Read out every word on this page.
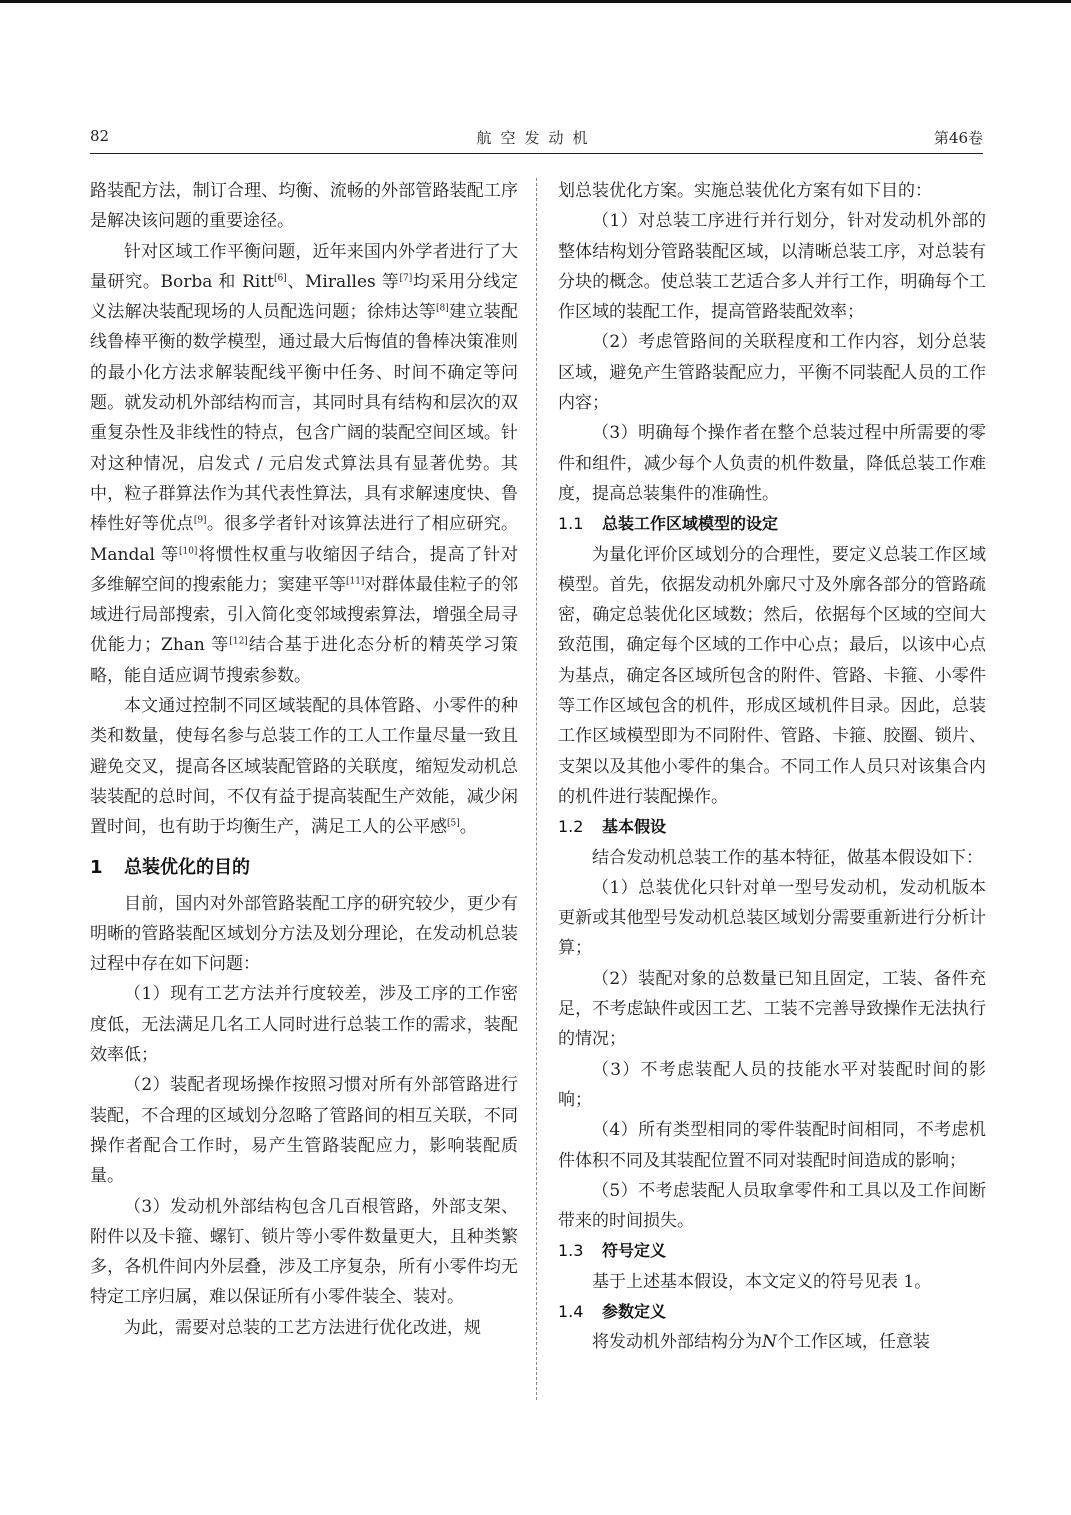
82	航空发动机	第46卷

路装配方法，制订合理、均衡、流畅的外部管路装配工序是解决该问题的重要途径。

针对区域工作平衡问题，近年来国内外学者进行了大量研究。Borba 和 Ritt[6]、Miralles 等[7]均采用分线定义法解决装配现场的人员配选问题；徐炜达等[8]建立装配线鲁棒平衡的数学模型，通过最大后悔值的鲁棒决策准则的最小化方法求解装配线平衡中任务、时间不确定等问题。就发动机外部结构而言，其同时具有结构和层次的双重复杂性及非线性的特点，包含广阔的装配空间区域。针对这种情况，启发式 / 元启发式算法具有显著优势。其中，粒子群算法作为其代表性算法，具有求解速度快、鲁棒性好等优点[9]。很多学者针对该算法进行了相应研究。Mandal 等[10]将惯性权重与收缩因子结合，提高了针对多维解空间的搜索能力；窦建平等[11]对群体最佳粒子的邻域进行局部搜索，引入简化变邻域搜索算法，增强全局寻优能力；Zhan 等[12]结合基于进化态分析的精英学习策略，能自适应调节搜索参数。

本文通过控制不同区域装配的具体管路、小零件的种类和数量，使每名参与总装工作的工人工作量尽量一致且避免交叉，提高各区域装配管路的关联度，缩短发动机总装装配的总时间，不仅有益于提高装配生产效能，减少闲置时间，也有助于均衡生产，满足工人的公平感[5]。

1 总装优化的目的

目前，国内对外部管路装配工序的研究较少，更少有明晰的管路装配区域划分方法及划分理论，在发动机总装过程中存在如下问题：

（1）现有工艺方法并行度较差，涉及工序的工作密度低，无法满足几名工人同时进行总装工作的需求，装配效率低；

（2）装配者现场操作按照习惯对所有外部管路进行装配，不合理的区域划分忽略了管路间的相互关联，不同操作者配合工作时，易产生管路装配应力，影响装配质量。

（3）发动机外部结构包含几百根管路，外部支架、附件以及卡箍、螺钉、锁片等小零件数量更大，且种类繁多，各机件间内外层叠，涉及工序复杂，所有小零件均无特定工序归属，难以保证所有小零件装全、装对。

为此，需要对总装的工艺方法进行优化改进，规

划总装优化方案。实施总装优化方案有如下目的：

（1）对总装工序进行并行划分，针对发动机外部的整体结构划分管路装配区域，以清晰总装工序，对总装有分块的概念。使总装工艺适合多人并行工作，明确每个工作区域的装配工作，提高管路装配效率；

（2）考虑管路间的关联程度和工作内容，划分总装区域，避免产生管路装配应力，平衡不同装配人员的工作内容；

（3）明确每个操作者在整个总装过程中所需要的零件和组件，减少每个人负责的机件数量，降低总装工作难度，提高总装集件的准确性。

1.1 总装工作区域模型的设定

为量化评价区域划分的合理性，要定义总装工作区域模型。首先，依据发动机外廓尺寸及外廓各部分的管路疏密，确定总装优化区域数；然后，依据每个区域的空间大致范围，确定每个区域的工作中心点；最后，以该中心点为基点，确定各区域所包含的附件、管路、卡箍、小零件等工作区域包含的机件，形成区域机件目录。因此，总装工作区域模型即为不同附件、管路、卡箍、胶圈、锁片、支架以及其他小零件的集合。不同工作人员只对该集合内的机件进行装配操作。

1.2 基本假设

结合发动机总装工作的基本特征，做基本假设如下：

（1）总装优化只针对单一型号发动机，发动机版本更新或其他型号发动机总装区域划分需要重新进行分析计算；

（2）装配对象的总数量已知且固定，工装、备件充足，不考虑缺件或因工艺、工装不完善导致操作无法执行的情况；

（3）不考虑装配人员的技能水平对装配时间的影响；

（4）所有类型相同的零件装配时间相同，不考虑机件体积不同及其装配位置不同对装配时间造成的影响；

（5）不考虑装配人员取拿零件和工具以及工作间断带来的时间损失。

1.3 符号定义

基于上述基本假设，本文定义的符号见表 1。

1.4 参数定义

将发动机外部结构分为N个工作区域，任意装
